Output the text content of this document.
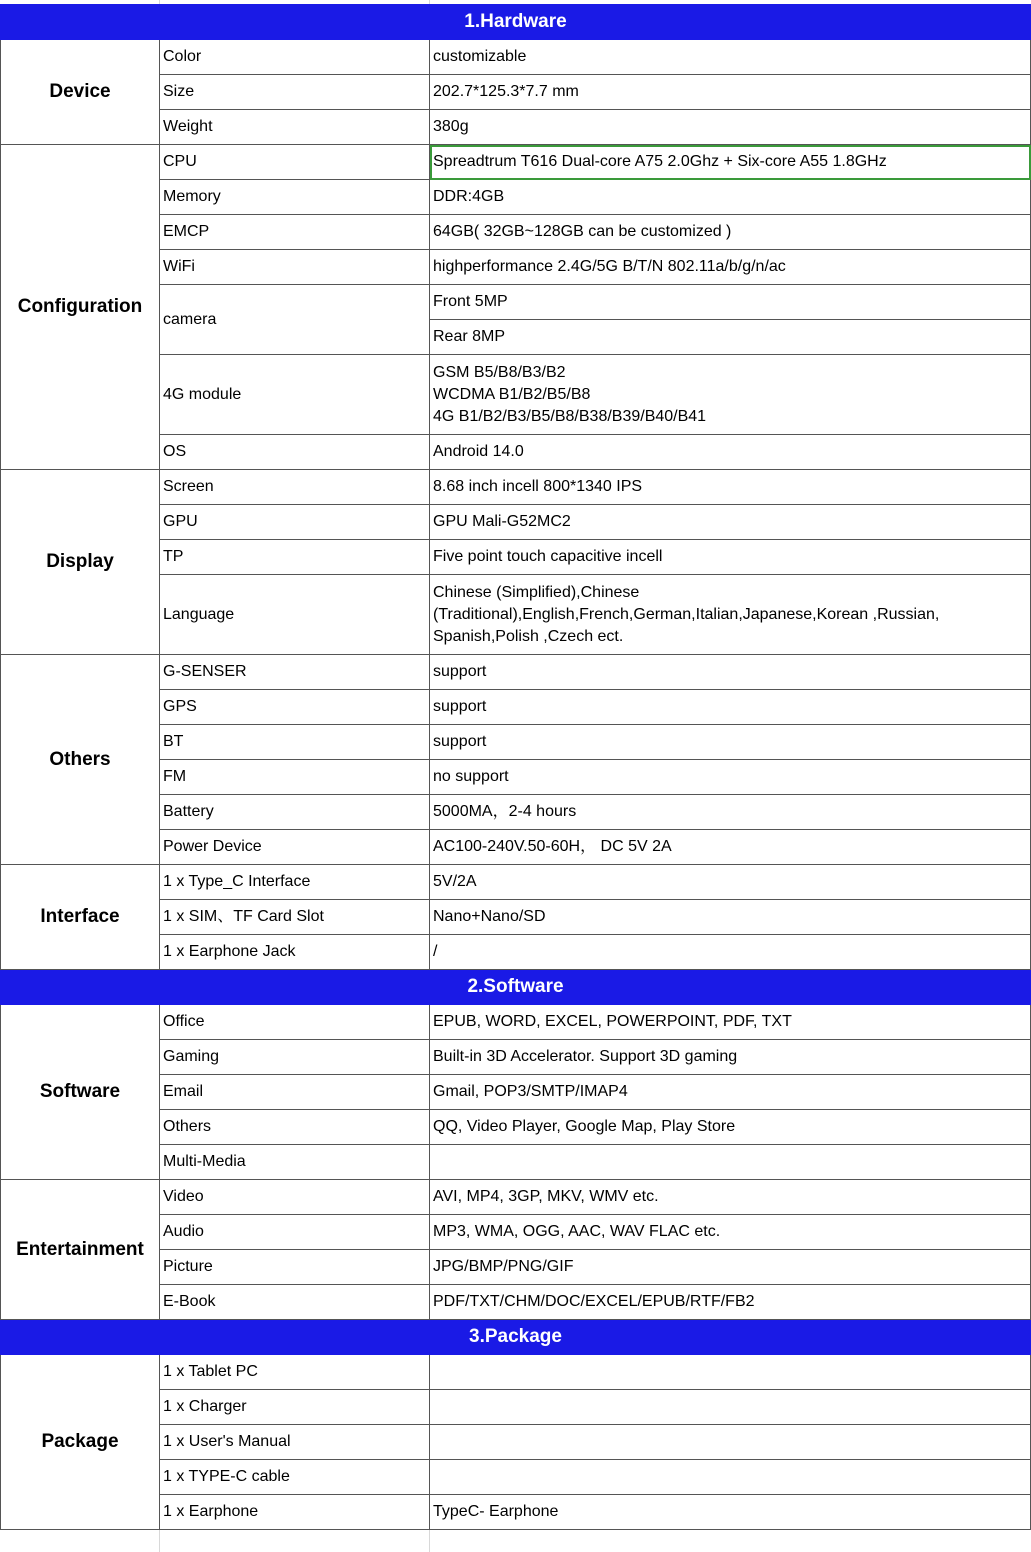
1.Hardware		
Device	Color	customizable
	Size	202.7*125.3*7.7 mm
	Weight	380g
Configuration	CPU	Spreadtrum T616 Dual-core A75 2.0Ghz + Six-core A55 1.8GHz
	Memory	DDR:4GB
	EMCP	64GB( 32GB~128GB can be customized )
	WiFi	highperformance 2.4G/5G B/T/N 802.11a/b/g/n/ac
	camera	Front 5MP
		Rear 8MP
	4G module	GSM B5/B8/B3/B2
WCDMA B1/B2/B5/B8
4G B1/B2/B3/B5/B8/B38/B39/B40/B41

	OS	Android 14.0
Display	Screen	8.68 inch incell 800*1340 IPS
	GPU	GPU Mali-G52MC2
	TP	Five point touch capacitive incell
	Language	Chinese (Simplified),Chinese
(Traditional),English,French,German,Italian,Japanese,Korean ,Russian,
Spanish,Polish ,Czech ect.

Others	G-SENSER	support
	GPS	support
	BT	support
	FM	no support
	Battery	5000MA，2-4 hours
	Power Device	AC100-240V.50-60H， DC 5V 2A
Interface	1 x Type_C Interface	5V/2A
	1 x SIM、TF Card Slot	Nano+Nano/SD
	1 x Earphone Jack	/
2.Software		
Software	Office	EPUB, WORD, EXCEL, POWERPOINT, PDF, TXT
	Gaming	Built-in 3D Accelerator. Support 3D gaming
	Email	Gmail, POP3/SMTP/IMAP4
	Others	QQ, Video Player, Google Map, Play Store
	Multi-Media	
Entertainment	Video	AVI, MP4, 3GP, MKV, WMV etc.
	Audio	MP3, WMA, OGG, AAC, WAV FLAC etc.
	Picture	JPG/BMP/PNG/GIF
	E-Book	PDF/TXT/CHM/DOC/EXCEL/EPUB/RTF/FB2
3.Package		
Package	1 x Tablet PC	
	1 x Charger	
	1 x User's Manual	
	1 x TYPE-C cable	
	1 x Earphone	TypeC- Earphone
